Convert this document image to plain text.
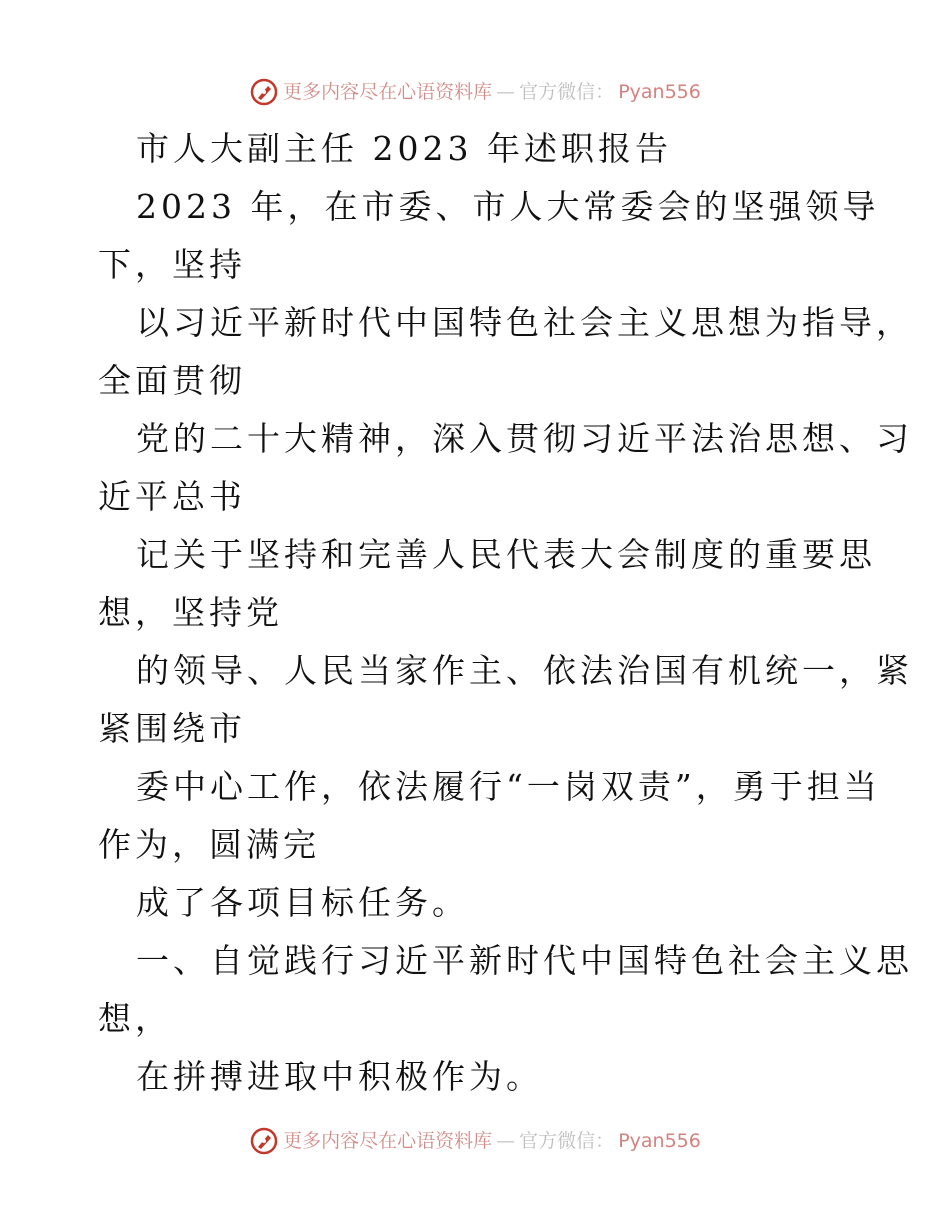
更多内容尽在心语资料库 — 官方微信： Pyan556

市人大副主任 2023 年述职报告

2023 年，在市委、市人大常委会的坚强领导

下，坚持

以习近平新时代中国特色社会主义思想为指导，

全面贯彻

党的二十大精神，深入贯彻习近平法治思想、习

近平总书

记关于坚持和完善人民代表大会制度的重要思

想，坚持党

的领导、人民当家作主、依法治国有机统一，紧

紧围绕市

委中心工作，依法履行“一岗双责”，勇于担当

作为，圆满完

成了各项目标任务。

一、自觉践行习近平新时代中国特色社会主义思

想，

在拼搏进取中积极作为。

更多内容尽在心语资料库 — 官方微信： Pyan556
